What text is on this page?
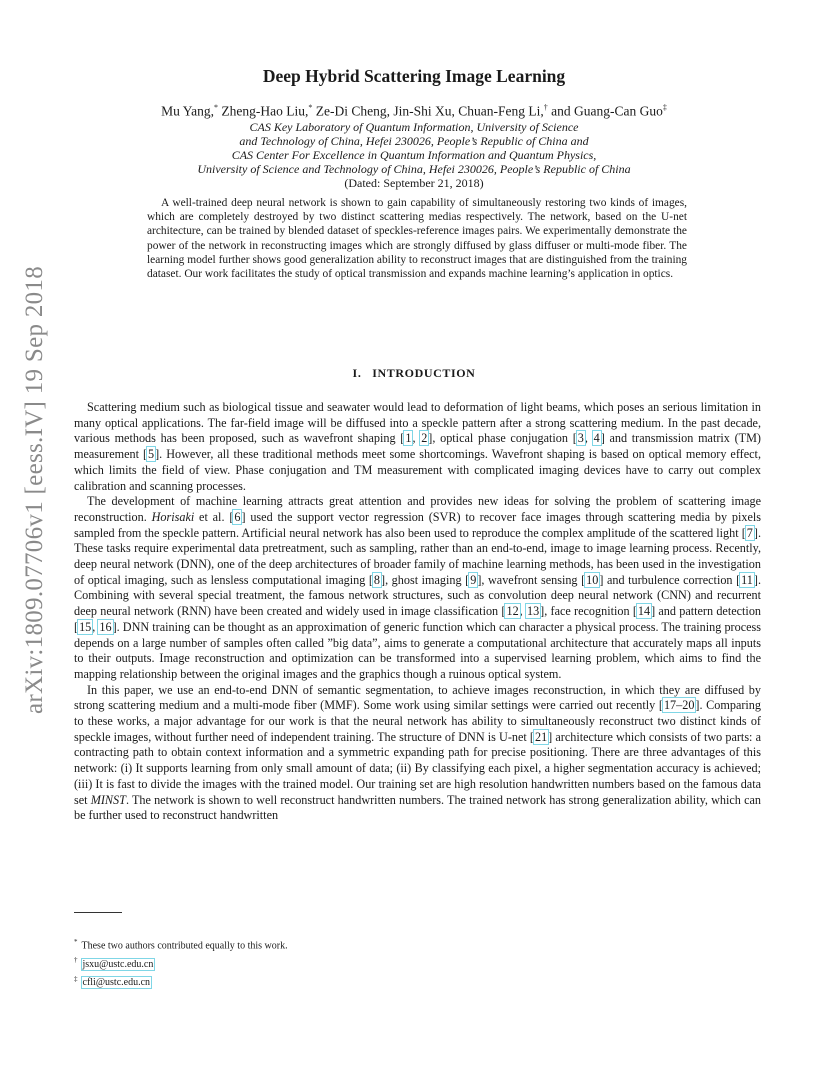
arXiv:1809.07706v1 [eess.IV] 19 Sep 2018
Deep Hybrid Scattering Image Learning
Mu Yang,* Zheng-Hao Liu,* Ze-Di Cheng, Jin-Shi Xu, Chuan-Feng Li,† and Guang-Can Guo‡
CAS Key Laboratory of Quantum Information, University of Science
and Technology of China, Hefei 230026, People’s Republic of China and
CAS Center For Excellence in Quantum Information and Quantum Physics,
University of Science and Technology of China, Hefei 230026, People’s Republic of China
(Dated: September 21, 2018)

A well-trained deep neural network is shown to gain capability of simultaneously restoring two kinds of images, which are completely destroyed by two distinct scattering medias respectively. The network, based on the U-net architecture, can be trained by blended dataset of speckles-reference images pairs. We experimentally demonstrate the power of the network in reconstructing images which are strongly diffused by glass diffuser or multi-mode fiber. The learning model further shows good generalization ability to reconstruct images that are distinguished from the training dataset. Our work facilitates the study of optical transmission and expands machine learning’s application in optics.

I. INTRODUCTION

Scattering medium such as biological tissue and seawater would lead to deformation of light beams, which poses an serious limitation in many optical applications. The far-field image will be diffused into a speckle pattern after a strong scattering medium. In the past decade, various methods has been proposed, such as wavefront shaping [1, 2], optical phase conjugation [3, 4] and transmission matrix (TM) measurement [5]. However, all these traditional methods meet some shortcomings. Wavefront shaping is based on optical memory effect, which limits the field of view. Phase conjugation and TM measurement with complicated imaging devices have to carry out complex calibration and scanning processes.

The development of machine learning attracts great attention and provides new ideas for solving the problem of scattering image reconstruction. Horisaki et al. [6] used the support vector regression (SVR) to recover face images through scattering media by pixels sampled from the speckle pattern. Artificial neural network has also been used to reproduce the complex amplitude of the scattered light [7]. These tasks require experimental data pretreatment, such as sampling, rather than an end-to-end, image to image learning process. Recently, deep neural network (DNN), one of the deep architectures of broader family of machine learning methods, has been used in the investigation of optical imaging, such as lensless computational imaging [8], ghost imaging [9], wavefront sensing [10] and turbulence correction [11]. Combining with several special treatment, the famous network structures, such as convolution deep neural network (CNN) and recurrent deep neural network (RNN) have been created and widely used in image classification [12, 13], face recognition [14] and pattern detection [15, 16]. DNN training can be thought as an approximation of generic function which can character a physical process. The training process depends on a large number of samples often called ”big data”, aims to generate a computational architecture that accurately maps all inputs to their outputs. Image reconstruction and optimization can be transformed into a supervised learning problem, which aims to find the mapping relationship between the original images and the graphics though a ruinous optical system.

In this paper, we use an end-to-end DNN of semantic segmentation, to achieve images reconstruction, in which they are diffused by strong scattering medium and a multi-mode fiber (MMF). Some work using similar settings were carried out recently [17–20]. Comparing to these works, a major advantage for our work is that the neural network has ability to simultaneously reconstruct two distinct kinds of speckle images, without further need of independent training. The structure of DNN is U-net [21] architecture which consists of two parts: a contracting path to obtain context information and a symmetric expanding path for precise positioning. There are three advantages of this network: (i) It supports learning from only small amount of data; (ii) By classifying each pixel, a higher segmentation accuracy is achieved; (iii) It is fast to divide the images with the trained model. Our training set are high resolution handwritten numbers based on the famous data set MINST. The network is shown to well reconstruct handwritten numbers. The trained network has strong generalization ability, which can be further used to reconstruct handwritten

* These two authors contributed equally to this work.
† jsxu@ustc.edu.cn
‡ cfli@ustc.edu.cn
